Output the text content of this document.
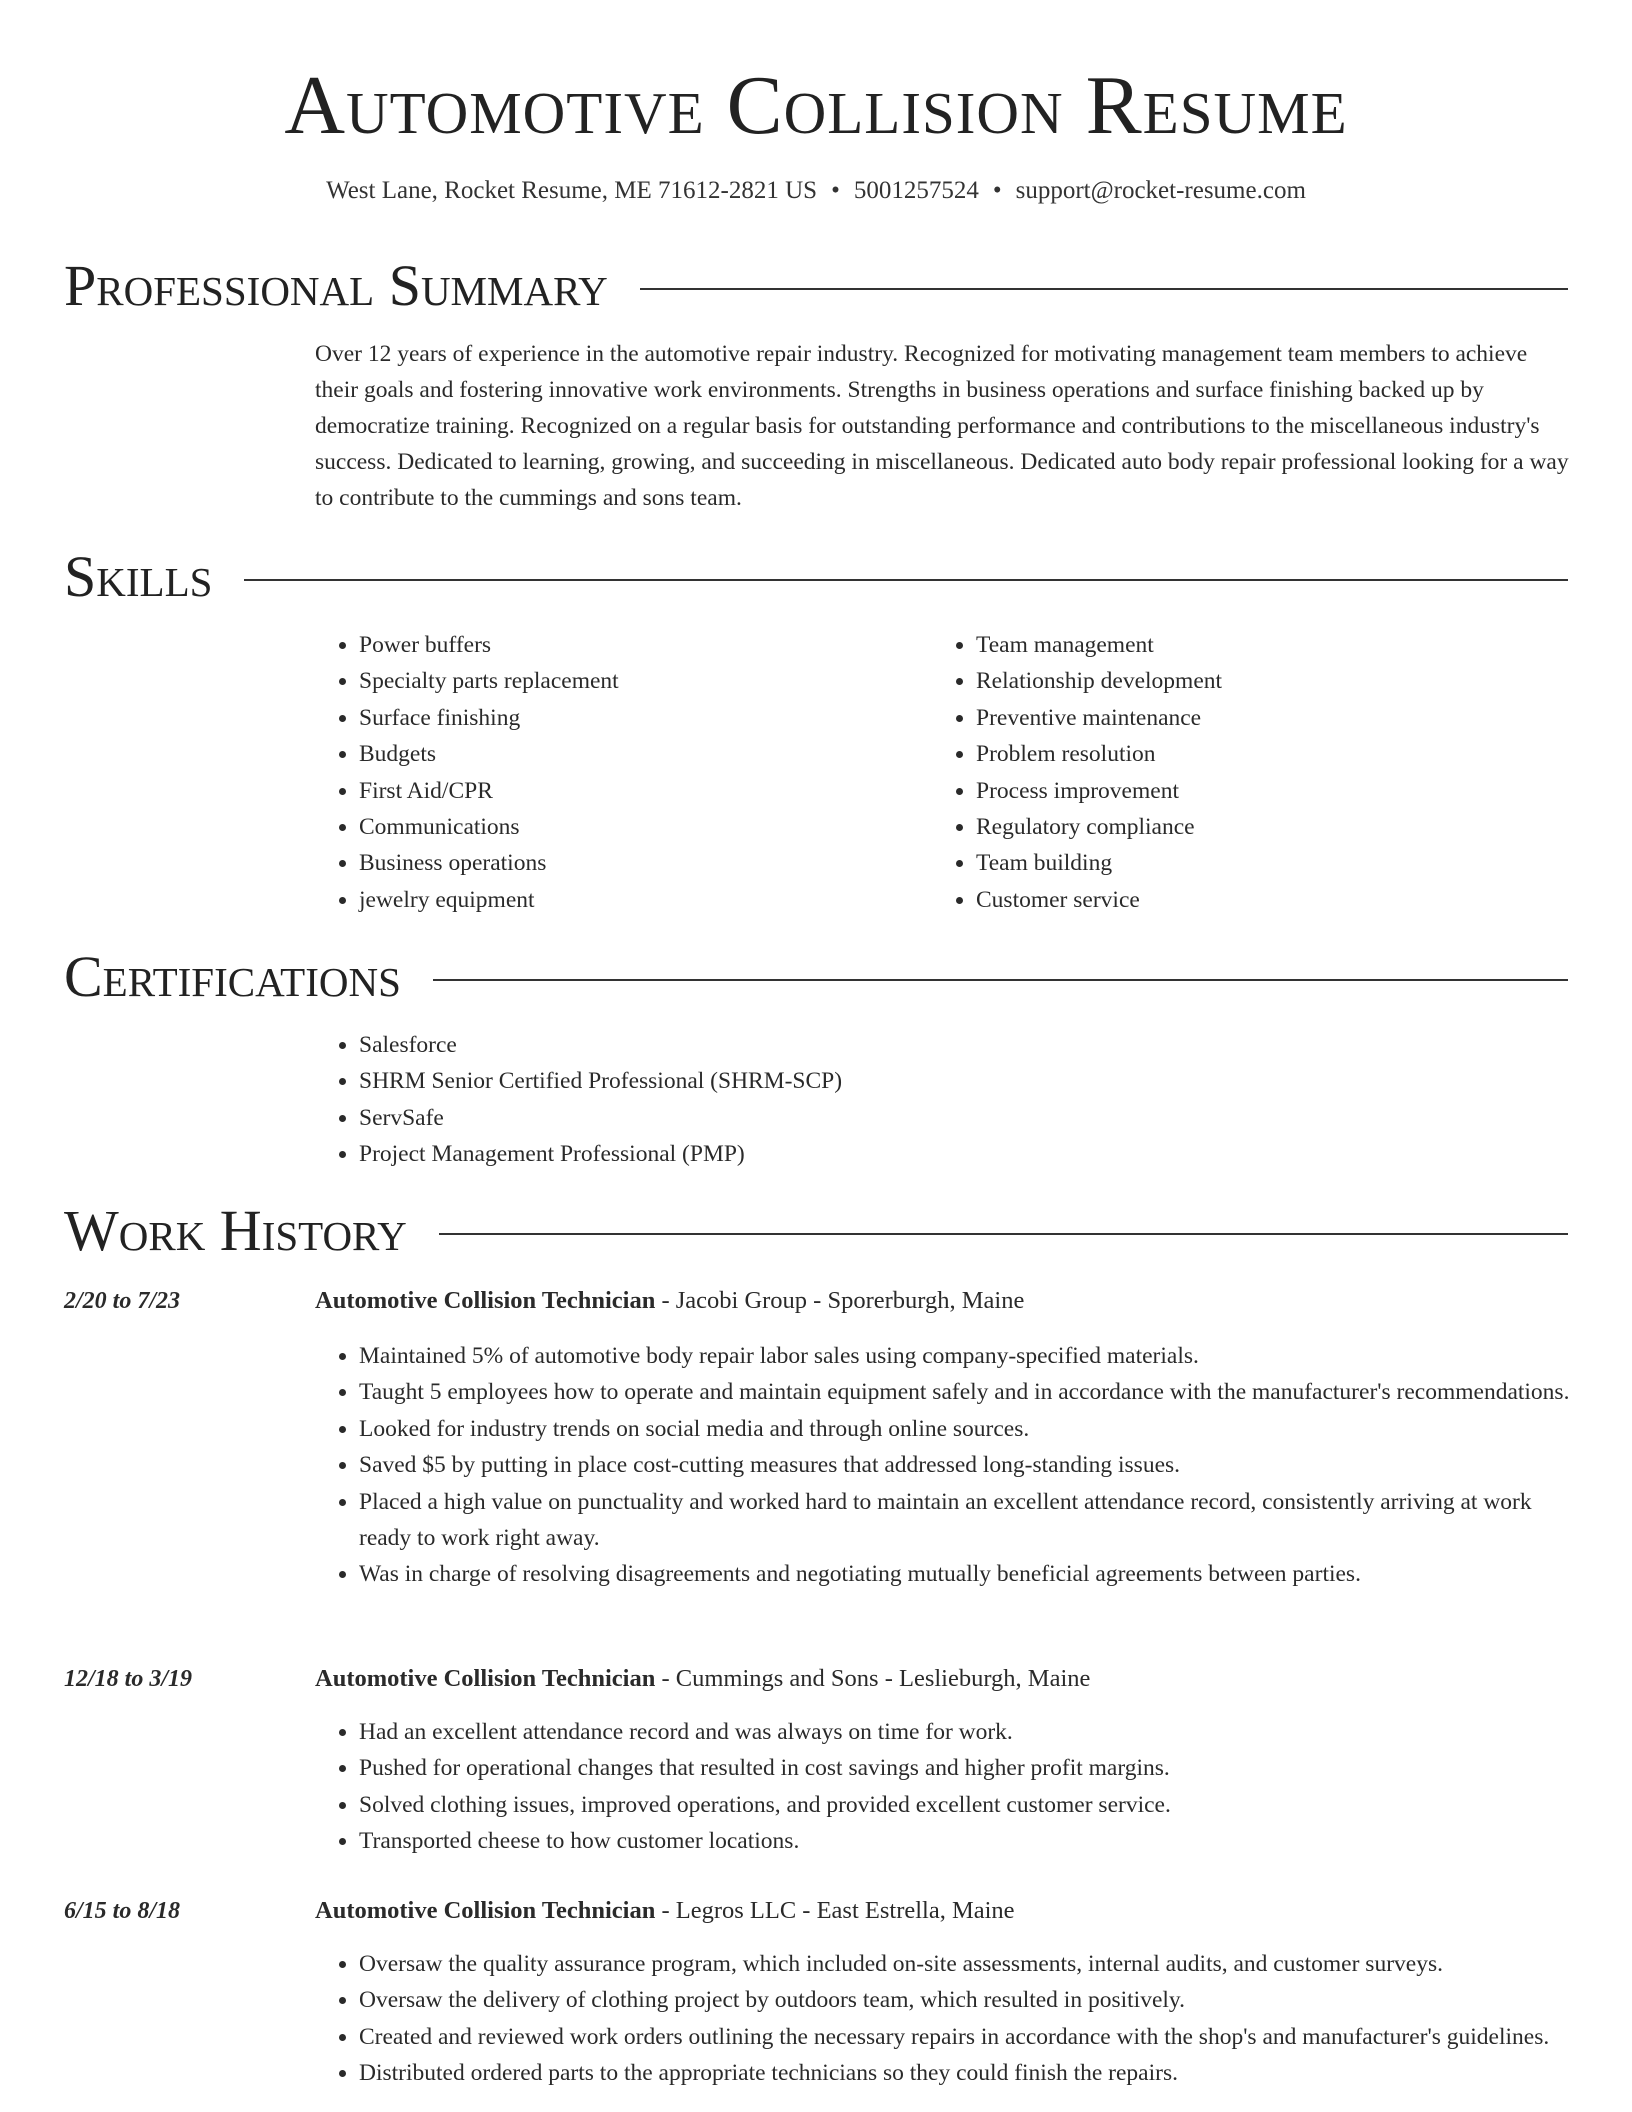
Automotive Collision Resume
West Lane, Rocket Resume, ME 71612-2821 US • 5001257524 • support@rocket-resume.com
Professional Summary
Over 12 years of experience in the automotive repair industry. Recognized for motivating management team members to achieve their goals and fostering innovative work environments. Strengths in business operations and surface finishing backed up by democratize training. Recognized on a regular basis for outstanding performance and contributions to the miscellaneous industry's success. Dedicated to learning, growing, and succeeding in miscellaneous. Dedicated auto body repair professional looking for a way to contribute to the cummings and sons team.
Skills
• Power buffers
• Specialty parts replacement
• Surface finishing
• Budgets
• First Aid/CPR
• Communications
• Business operations
• jewelry equipment
• Team management
• Relationship development
• Preventive maintenance
• Problem resolution
• Process improvement
• Regulatory compliance
• Team building
• Customer service
Certifications
• Salesforce
• SHRM Senior Certified Professional (SHRM-SCP)
• ServSafe
• Project Management Professional (PMP)
Work History
2/20 to 7/23	Automotive Collision Technician - Jacobi Group - Sporerburgh, Maine
• Maintained 5% of automotive body repair labor sales using company-specified materials.
• Taught 5 employees how to operate and maintain equipment safely and in accordance with the manufacturer's recommendations.
• Looked for industry trends on social media and through online sources.
• Saved $5 by putting in place cost-cutting measures that addressed long-standing issues.
• Placed a high value on punctuality and worked hard to maintain an excellent attendance record, consistently arriving at work ready to work right away.
• Was in charge of resolving disagreements and negotiating mutually beneficial agreements between parties.
12/18 to 3/19	Automotive Collision Technician - Cummings and Sons - Leslieburgh, Maine
• Had an excellent attendance record and was always on time for work.
• Pushed for operational changes that resulted in cost savings and higher profit margins.
• Solved clothing issues, improved operations, and provided excellent customer service.
• Transported cheese to how customer locations.
6/15 to 8/18	Automotive Collision Technician - Legros LLC - East Estrella, Maine
• Oversaw the quality assurance program, which included on-site assessments, internal audits, and customer surveys.
• Oversaw the delivery of clothing project by outdoors team, which resulted in positively.
• Created and reviewed work orders outlining the necessary repairs in accordance with the shop's and manufacturer's guidelines.
• Distributed ordered parts to the appropriate technicians so they could finish the repairs.
